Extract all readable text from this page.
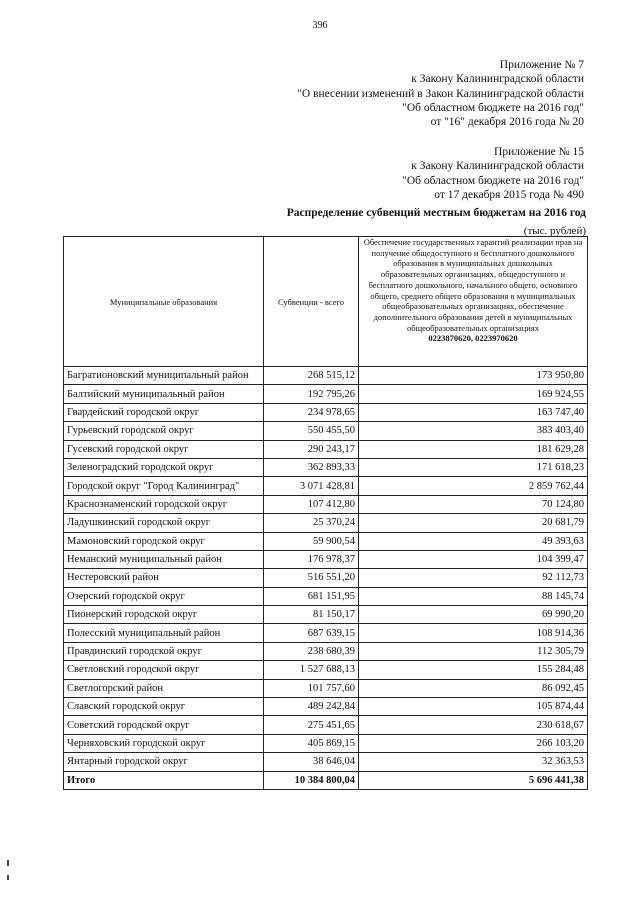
396
Приложение № 7
к Закону Калининградской области
"О внесении изменений в Закон Калининградской области
"Об областном бюджете на 2016 год"
от "16" декабря 2016 года № 20
Приложение № 15
к Закону Калининградской области
"Об областном бюджете на 2016 год"
от 17 декабря 2015 года № 490
Распределение субвенций местным бюджетам на 2016 год
(тыс. рублей)
Муниципальные образования	Субвенции - всего	Обеспечение государственных гарантий реализации прав на получение общедоступного и бесплатного дошкольного образования в муниципальных дошкольных образовательных организациях, общедоступного и бесплатного дошкольного, начального общего, основного общего, среднего общего образования в муниципальных общеобразовательных организациях, обеспечение дополнительного образования детей в муниципальных общеобразовательных организациях
0223870620, 0223970620

Багратионовский муниципальный район	268 515,12	173 950,80
Балтийский муниципальный район	192 795,26	169 924,55
Гвардейский городской округ	234 978,65	163 747,40
Гурьевский городской округ	550 455,50	383 403,40
Гусевский городской округ	290 243,17	181 629,28
Зеленоградский городской округ	362 893,33	171 618,23
Городской округ "Город Калининград"	3 071 428,81	2 859 762,44
Краснознаменский городской округ	107 412,80	70 124,80
Ладушкинский городской округ	25 370,24	20 681,79
Мамоновский городской округ	59 900,54	49 393,63
Неманский муниципальный район	176 978,37	104 399,47
Нестеровский район	516 551,20	92 112,73
Озерский городской округ	681 151,95	88 145,74
Пионерский городской округ	81 150,17	69 990,20
Полесский муниципальный район	687 639,15	108 914,36
Правдинский городской округ	238 680,39	112 305,79
Светловский городской округ	1 527 688,13	155 284,48
Светлогорский район	101 757,60	86 092,45
Славский городской округ	489 242,84	105 874,44
Советский городской округ	275 451,65	230 618,67
Черняховский городской округ	405 869,15	266 103,20
Янтарный городской округ	38 646,04	32 363,53
Итого	10 384 800,04	5 696 441,38
